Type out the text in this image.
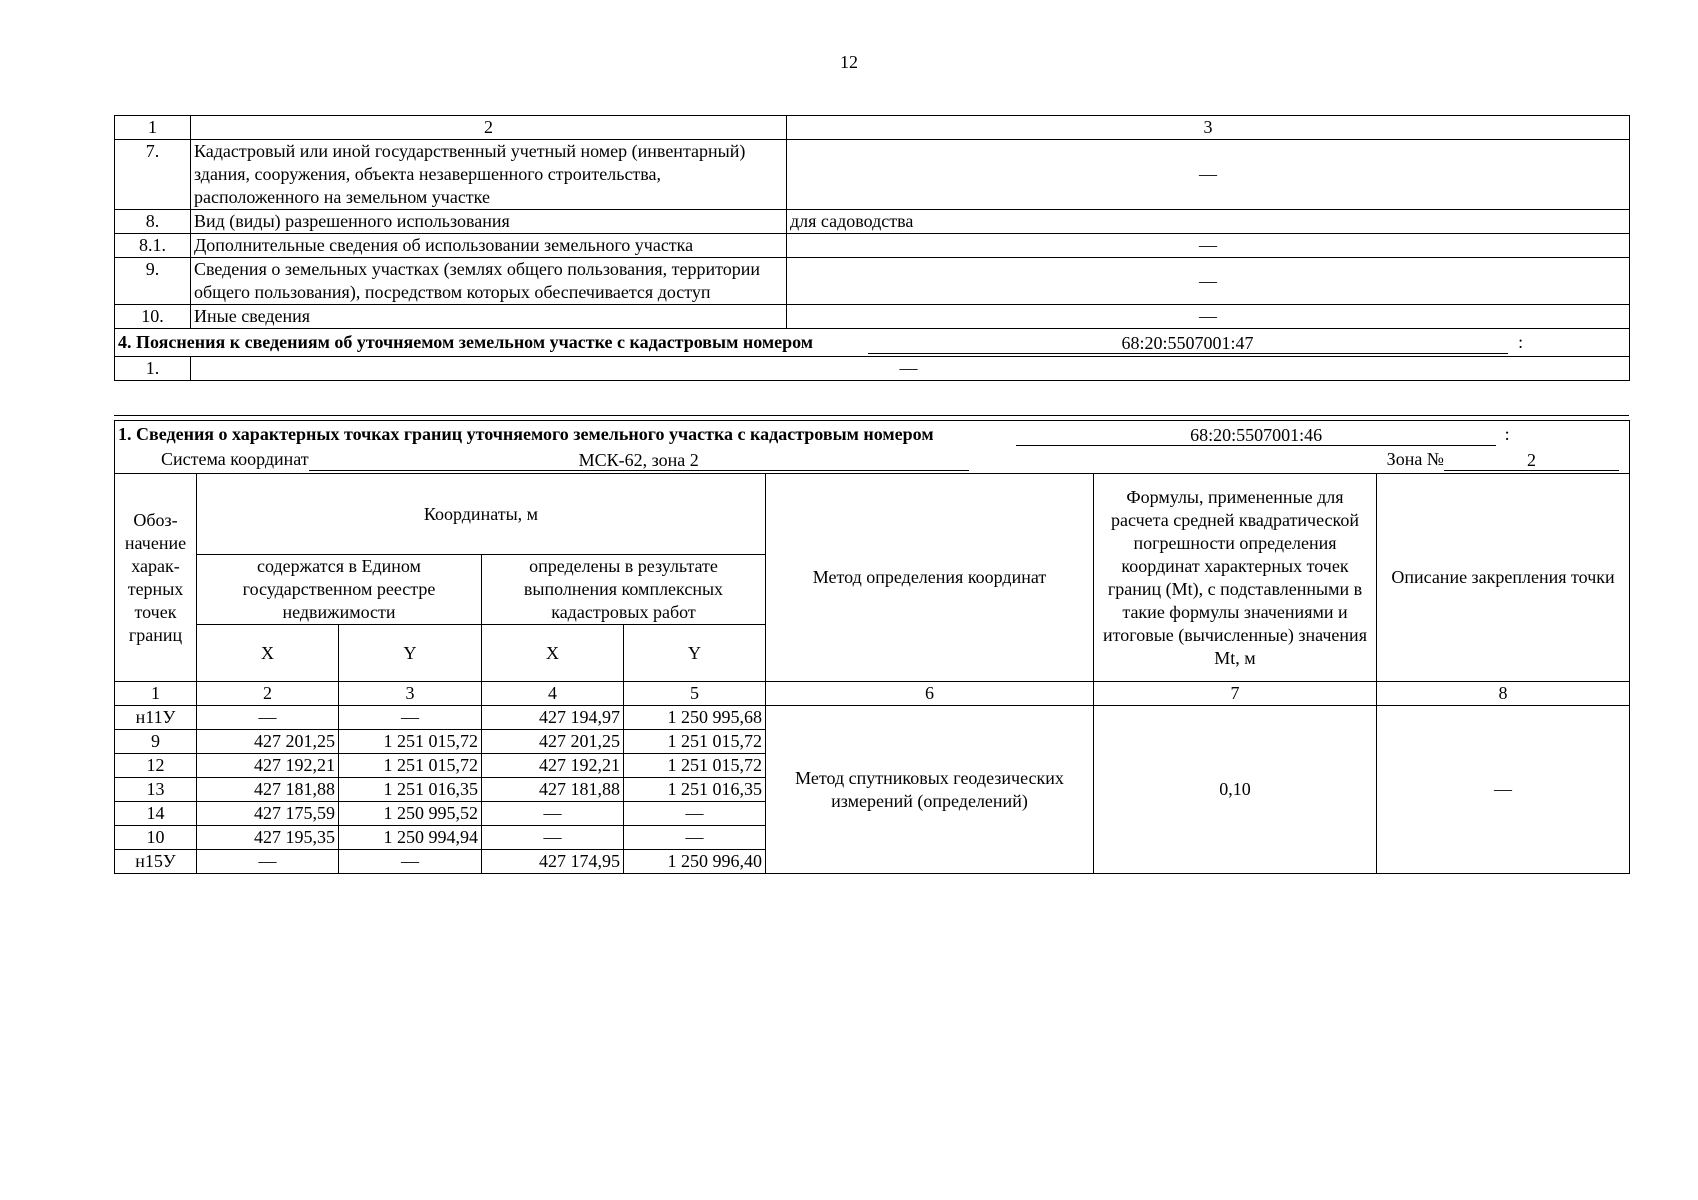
12
1	2	3
7.	Кадастровый или иной государственный учетный номер (инвентарный) здания, сооружения, объекта незавершенного строительства, расположенного на земельном участке	—
8.	Вид (виды) разрешенного использования	для садоводства
8.1.	Дополнительные сведения об использовании земельного участка	—
9.	Сведения о земельных участках (землях общего пользования, территории общего пользования), посредством которых обеспечивается доступ	—
10.	Иные сведения	—
4. Пояснения к сведениям об уточняемом земельном участке с кадастровым номером 68:20:5507001:47 :		
1.	—	
1. Сведения о характерных точках границ уточняемого земельного участка с кадастровым номером 68:20:5507001:46 :							
Система координат МСК-62, зона 2 Зона № 2							

Обоз- начение харак- терных точек границ	Координаты, м				Метод определения координат	Формулы, примененные для расчета средней квадратической погрешности определения координат характерных точек границ (Mt), с подставленными в такие формулы значениями и итоговые (вычисленные) значения Mt, м	Описание закрепления точки
	содержатся в Едином государственном реестре недвижимости		определены в результате выполнения комплексных кадастровых работ				
	X	Y	X	Y			
1	2	3	4	5	6	7	8
н11У	—	—	427 194,97	1 250 995,68	Метод спутниковых геодезических измерений (определений)	0,10	—
9	427 201,25	1 251 015,72	427 201,25	1 251 015,72			
12	427 192,21	1 251 015,72	427 192,21	1 251 015,72			
13	427 181,88	1 251 016,35	427 181,88	1 251 016,35			
14	427 175,59	1 250 995,52	—	—			
10	427 195,35	1 250 994,94	—	—			
н15У	—	—	427 174,95	1 250 996,40			
